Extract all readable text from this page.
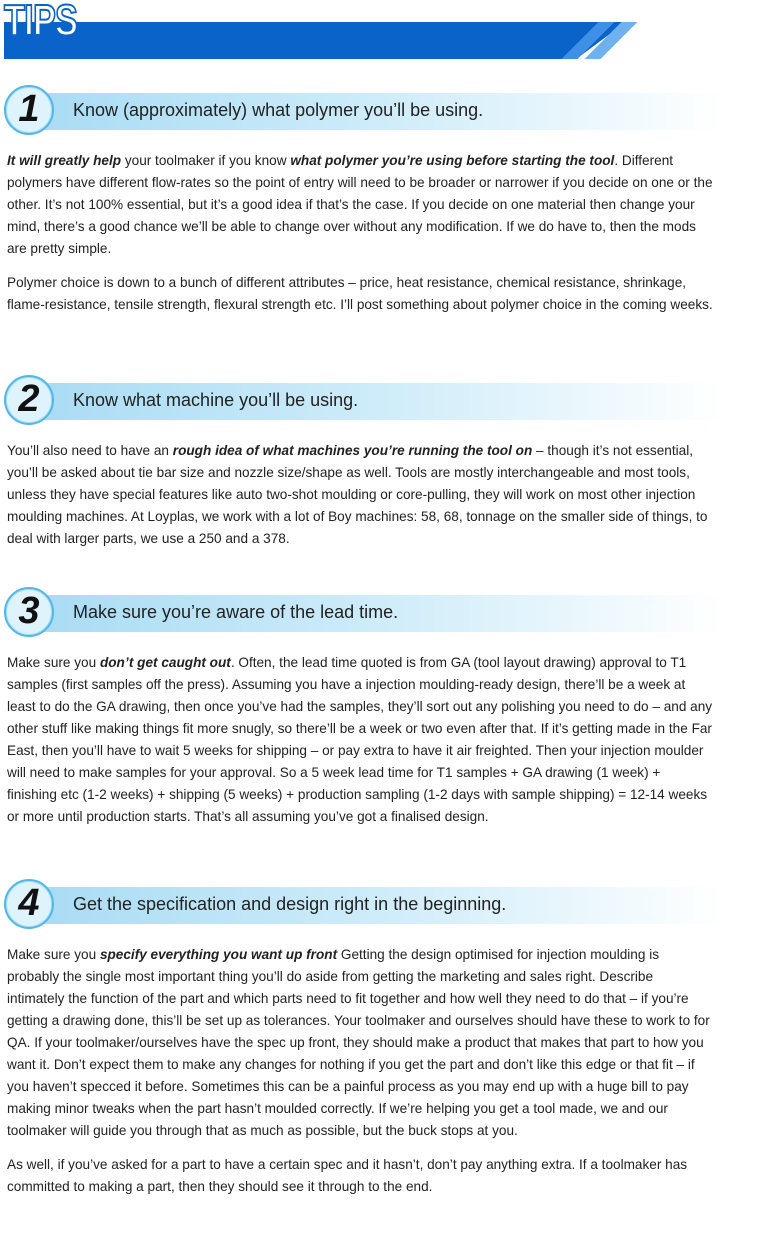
TIPS
1	Know (approximately) what polymer you’ll be using.

It will greatly help your toolmaker if you know what polymer you’re using before starting the tool. Different polymers have different flow-rates so the point of entry will need to be broader or narrower if you decide on one or the other. It’s not 100% essential, but it’s a good idea if that’s the case. If you decide on one material then change your mind, there’s a good chance we’ll be able to change over without any modification. If we do have to, then the mods are pretty simple.

Polymer choice is down to a bunch of different attributes – price, heat resistance, chemical resistance, shrinkage, flame-resistance, tensile strength, flexural strength etc. I’ll post something about polymer choice in the coming weeks.

2	Know what machine you’ll be using.

You’ll also need to have an rough idea of what machines you’re running the tool on – though it’s not essential, you’ll be asked about tie bar size and nozzle size/shape as well. Tools are mostly interchangeable and most tools, unless they have special features like auto two-shot moulding or core-pulling, they will work on most other injection moulding machines. At Loyplas, we work with a lot of Boy machines: 58, 68, tonnage on the smaller side of things, to deal with larger parts, we use a 250 and a 378.

3	Make sure you’re aware of the lead time.

Make sure you don’t get caught out. Often, the lead time quoted is from GA (tool layout drawing) approval to T1 samples (first samples off the press). Assuming you have a injection moulding-ready design, there’ll be a week at least to do the GA drawing, then once you’ve had the samples, they’ll sort out any polishing you need to do – and any other stuff like making things fit more snugly, so there’ll be a week or two even after that. If it’s getting made in the Far East, then you’ll have to wait 5 weeks for shipping – or pay extra to have it air freighted. Then your injection moulder will need to make samples for your approval. So a 5 week lead time for T1 samples + GA drawing (1 week) + finishing etc (1-2 weeks) + shipping (5 weeks) + production sampling (1-2 days with sample shipping) = 12-14 weeks or more until production starts. That’s all assuming you’ve got a finalised design.

4	Get the specification and design right in the beginning.

Make sure you specify everything you want up front Getting the design optimised for injection moulding is probably the single most important thing you’ll do aside from getting the marketing and sales right. Describe intimately the function of the part and which parts need to fit together and how well they need to do that – if you’re getting a drawing done, this’ll be set up as tolerances. Your toolmaker and ourselves should have these to work to for QA. If your toolmaker/ourselves have the spec up front, they should make a product that makes that part to how you want it. Don’t expect them to make any changes for nothing if you get the part and don’t like this edge or that fit – if you haven’t specced it before. Sometimes this can be a painful process as you may end up with a huge bill to pay making minor tweaks when the part hasn’t moulded correctly. If we’re helping you get a tool made, we and our toolmaker will guide you through that as much as possible, but the buck stops at you.

As well, if you’ve asked for a part to have a certain spec and it hasn’t, don’t pay anything extra. If a toolmaker has committed to making a part, then they should see it through to the end.
